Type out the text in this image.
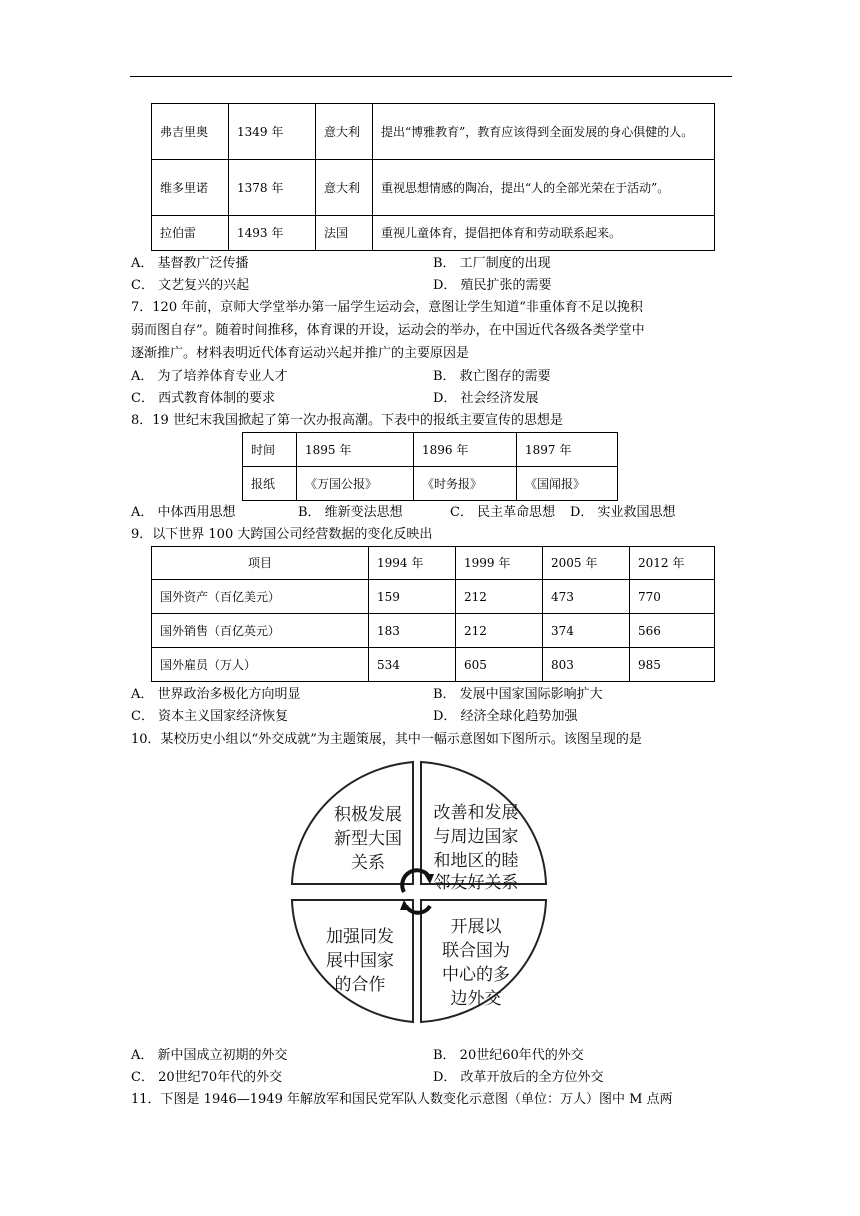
弗吉里奥	1349 年	意大利	提出“博雅教育”，教育应该得到全面发展的身心俱健的人。
维多里诺	1378 年	意大利	重视思想情感的陶冶，提出“人的全部光荣在于活动”。
拉伯雷	1493 年	法国	重视儿童体育，提倡把体育和劳动联系起来。
A． 基督教广泛传播	B． 工厂制度的出现
C． 文艺复兴的兴起	D． 殖民扩张的需要
7．120 年前，京师大学堂举办第一届学生运动会，意图让学生知道“非重体育不足以挽积
弱而图自存”。随着时间推移，体育课的开设，运动会的举办，在中国近代各级各类学堂中
逐渐推广。材料表明近代体育运动兴起并推广的主要原因是
A． 为了培养体育专业人才	B． 救亡图存的需要
C． 西式教育体制的要求	D． 社会经济发展
8．19 世纪末我国掀起了第一次办报高潮。下表中的报纸主要宣传的思想是
时间	1895 年	1896 年	1897 年
报纸	《万国公报》	《时务报》	《国闻报》
A． 中体西用思想	B． 维新变法思想	C． 民主革命思想 D． 实业救国思想
9．以下世界 100 大跨国公司经营数据的变化反映出
项目	1994 年	1999 年	2005 年	2012 年
国外资产（百亿美元）	159	212	473	770
国外销售（百亿英元）	183	212	374	566
国外雇员（万人）	534	605	803	985
A． 世界政治多极化方向明显	B． 发展中国家国际影响扩大
C． 资本主义国家经济恢复	D． 经济全球化趋势加强
10．某校历史小组以“外交成就”为主题策展，其中一幅示意图如下图所示。该图呈现的是
积极发展
新型大国
关系
改善和发展
与周边国家
和地区的睦
邻友好关系
加强同发
展中国家
的合作
开展以
联合国为
中心的多
边外交
A． 新中国成立初期的外交	B． 20世纪60年代的外交
C． 20世纪70年代的外交	D． 改革开放后的全方位外交
11．下图是 1946—1949 年解放军和国民党军队人数变化示意图（单位：万人）图中 M 点两
